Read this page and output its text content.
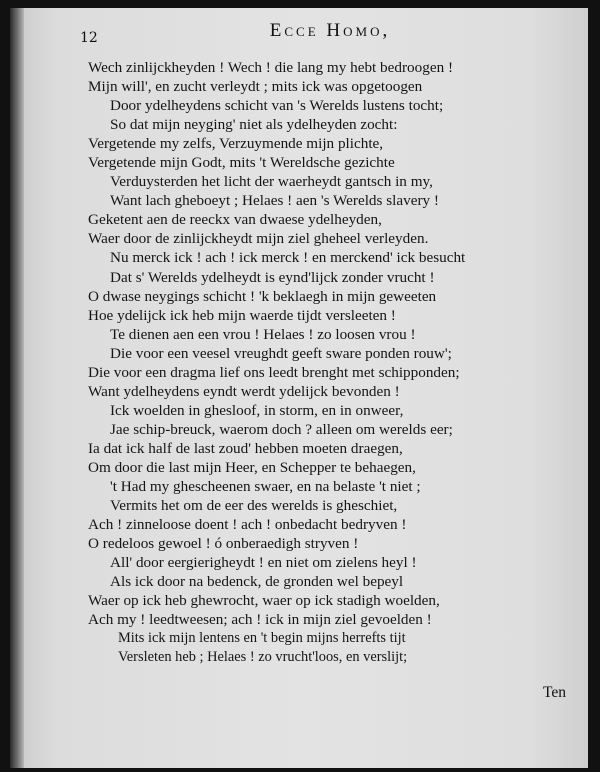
12	Ecce Homo,
Wech zinlijckheyden ! Wech ! die lang my hebt bedroogen !
Mijn will', en zucht verleydt ; mits ick was opgetoogen
Door ydelheydens schicht van 's Werelds lustens tocht;
So dat mijn neyging' niet als ydelheyden zocht:
Vergetende my zelfs, Verzuymende mijn plichte,
Vergetende mijn Godt, mits 't Wereldsche gezichte
Verduysterden het licht der waerheydt gantsch in my,
Want lach gheboeyt ; Helaes ! aen 's Werelds slavery !
Geketent aen de reeckx van dwaese ydelheyden,
Waer door de zinlijckheydt mijn ziel gheheel verleyden.
Nu merck ick ! ach ! ick merck ! en merckend' ick besucht
Dat s' Werelds ydelheydt is eynd'lijck zonder vrucht !
O dwase neygings schicht ! 'k beklaegh in mijn geweeten
Hoe ydelijck ick heb mijn waerde tijdt versleeten !
Te dienen aen een vrou ! Helaes ! zo loosen vrou !
Die voor een veesel vreughdt geeft sware ponden rouw';
Die voor een dragma lief ons leedt brenght met schipponden;
Want ydelheydens eyndt werdt ydelijck bevonden !
Ick woelden in ghesloof, in storm, en in onweer,
Jae schip-breuck, waerom doch ? alleen om werelds eer;
Ia dat ick half de last zoud' hebben moeten draegen,
Om door die last mijn Heer, en Schepper te behaegen,
't Had my ghescheenen swaer, en na belaste 't niet ;
Vermits het om de eer des werelds is gheschiet,
Ach ! zinneloose doent ! ach ! onbedacht bedryven !
O redeloos gewoel ! ó onberaedigh stryven !
All' door eergierigheydt ! en niet om zielens heyl !
Als ick door na bedenck, de gronden wel bepeyl
Waer op ick heb ghewrocht, waer op ick stadigh woelden,
Ach my ! leedtweesen; ach ! ick in mijn ziel gevoelden !
Mits ick mijn lentens en 't begin mijns herrefts tijt
Versleten heb ; Helaes ! zo vrucht'loos, en verslijt;
Ten
